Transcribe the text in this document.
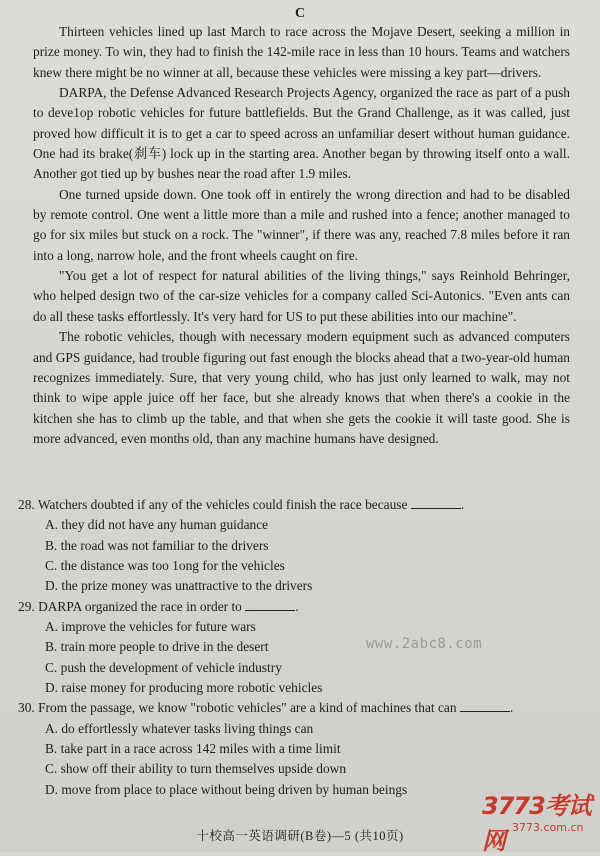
C

Thirteen vehicles lined up last March to race across the Mojave Desert, seeking a million in prize money. To win, they had to finish the 142-mile race in less than 10 hours. Teams and watchers knew there might be no winner at all, because these vehicles were missing a key part—drivers.

DARPA, the Defense Advanced Research Projects Agency, organized the race as part of a push to deve1op robotic vehicles for future battlefields. But the Grand Challenge, as it was called, just proved how difficult it is to get a car to speed across an unfamiliar desert without human guidance. One had its brake(刹车) lock up in the starting area. Another began by throwing itself onto a wall. Another got tied up by bushes near the road after 1.9 miles.

One turned upside down. One took off in entirely the wrong direction and had to be disabled by remote control. One went a little more than a mile and rushed into a fence; another managed to go for six miles but stuck on a rock. The "winner", if there was any, reached 7.8 miles before it ran into a long, narrow hole, and the front wheels caught on fire.

"You get a lot of respect for natural abilities of the living things," says Reinhold Behringer, who helped design two of the car-size vehicles for a company called Sci-Autonics. "Even ants can do all these tasks effortlessly. It's very hard for US to put these abilities into our machine".

The robotic vehicles, though with necessary modern equipment such as advanced computers and GPS guidance, had trouble figuring out fast enough the blocks ahead that a two-year-old human recognizes immediately. Sure, that very young child, who has just only learned to walk, may not think to wipe apple juice off her face, but she already knows that when there's a cookie in the kitchen she has to climb up the table, and that when she gets the cookie it will taste good. She is more advanced, even months old, than any machine humans have designed.

28. Watchers doubted if any of the vehicles could finish the race because	.

A. they did not have any human guidance

B. the road was not familiar to the drivers

C. the distance was too 1ong for the vehicles

D. the prize money was unattractive to the drivers

29. DARPA organized the race in order to	.

A. improve the vehicles for future wars

B. train more people to drive in the desert

C. push the development of vehicle industry

D. raise money for producing more robotic vehicles

30. From the passage, we know "robotic vehicles" are a kind of machines that can	.

A. do effortlessly whatever tasks living things can

B. take part in a race across 142 miles with a time limit

C. show off their ability to turn themselves upside down

D. move from place to place without being driven by human beings

www.2abc8.com
3773考试网
十校高一英语调研(B卷)—5 (共10页)
3773.com.cn
